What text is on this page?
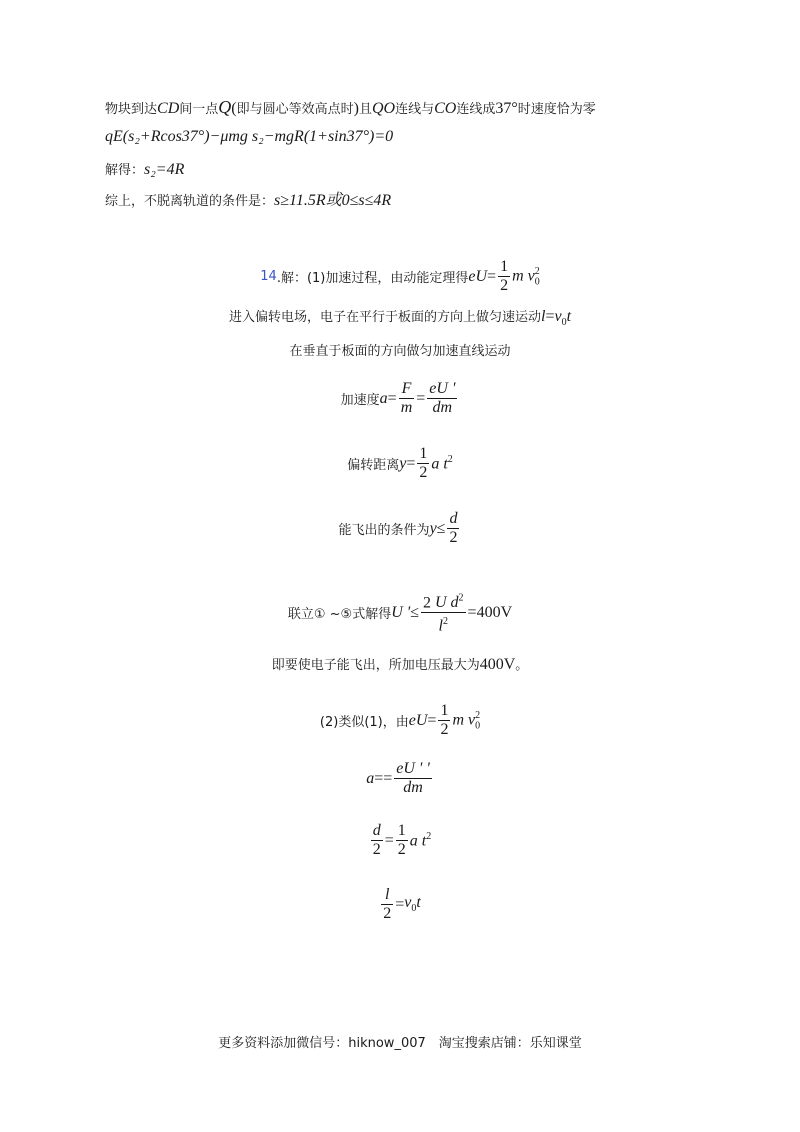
物块到达CD间一点Q(即与圆心等效高点时)且QO连线与CO连线成37°时速度恰为零
qE(s₂+Rcos37°)−μmg s₂−mgR(1+sin37°)=0
解得：s₂=4R
综上，不脱离轨道的条件是：s≥11.5R或0≤s≤4R
14 .解：(1)加速过程，由动能定理得 eU = $\frac{1}{2}$ m $v_0^2$
进入偏转电场，电子在平行于板面的方向上做匀速运动$l=v_0t$
在垂直于板面的方向做匀加速直线运动
加速度 $a = \frac{F}{m} = \frac{eU '}{dm}$
偏转距离 $y = \frac{1}{2}$ a $t^2$
能飞出的条件为 $y \le \frac{d}{2}$
联立① ~⑤式解得 U ' ≤ $\frac{2 U d^2}{l^2} =400V$
即要使电子能飞出，所加电压最大为400V。
(2)类似(1)，由 eU = $\frac{1}{2}$ m $v_0^2$
$a == \frac{eU ' '}{dm}$
$\frac{d}{2} = \frac{1}{2}$ a $t^2$
$\frac{l}{2} = v_0t$
更多资料添加微信号：hiknow_007　淘宝搜索店铺：乐知课堂
